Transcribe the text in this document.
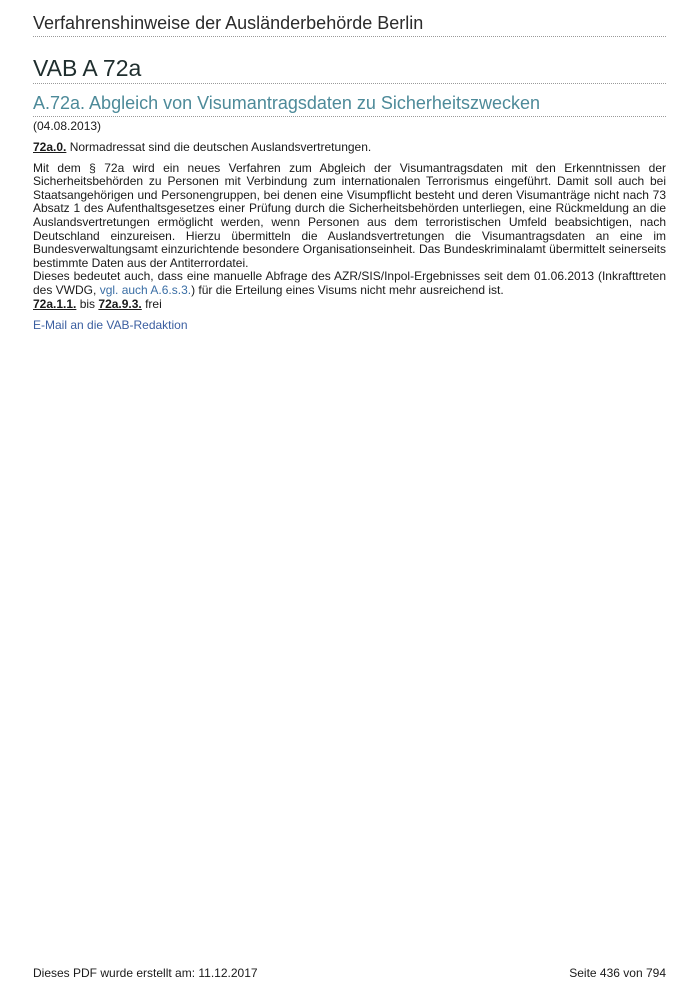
Verfahrenshinweise der Ausländerbehörde Berlin
VAB A 72a
A.72a. Abgleich von Visumantragsdaten zu Sicherheitszwecken
(04.08.2013)
72a.0. Normadressat sind die deutschen Auslandsvertretungen.
Mit dem § 72a wird ein neues Verfahren zum Abgleich der Visumantragsdaten mit den Erkenntnissen der Sicherheitsbehörden zu Personen mit Verbindung zum internationalen Terrorismus eingeführt. Damit soll auch bei Staatsangehörigen und Personengruppen, bei denen eine Visumpflicht besteht und deren Visumanträge nicht nach 73 Absatz 1 des Aufenthaltsgesetzes einer Prüfung durch die Sicherheitsbehörden unterliegen, eine Rückmeldung an die Auslandsvertretungen ermöglicht werden, wenn Personen aus dem terroristischen Umfeld beabsichtigen, nach Deutschland einzureisen. Hierzu übermitteln die Auslandsvertretungen die Visumantragsdaten an eine im Bundesverwaltungsamt einzurichtende besondere Organisationseinheit. Das Bundeskriminalamt übermittelt seinerseits bestimmte Daten aus der Antiterrordatei.
Dieses bedeutet auch, dass eine manuelle Abfrage des AZR/SIS/Inpol-Ergebnisses seit dem 01.06.2013 (Inkrafttreten des VWDG, vgl. auch A.6.s.3.) für die Erteilung eines Visums nicht mehr ausreichend ist.
72a.1.1. bis 72a.9.3. frei
E-Mail an die VAB-Redaktion
Dieses PDF wurde erstellt am: 11.12.2017	Seite 436 von 794
